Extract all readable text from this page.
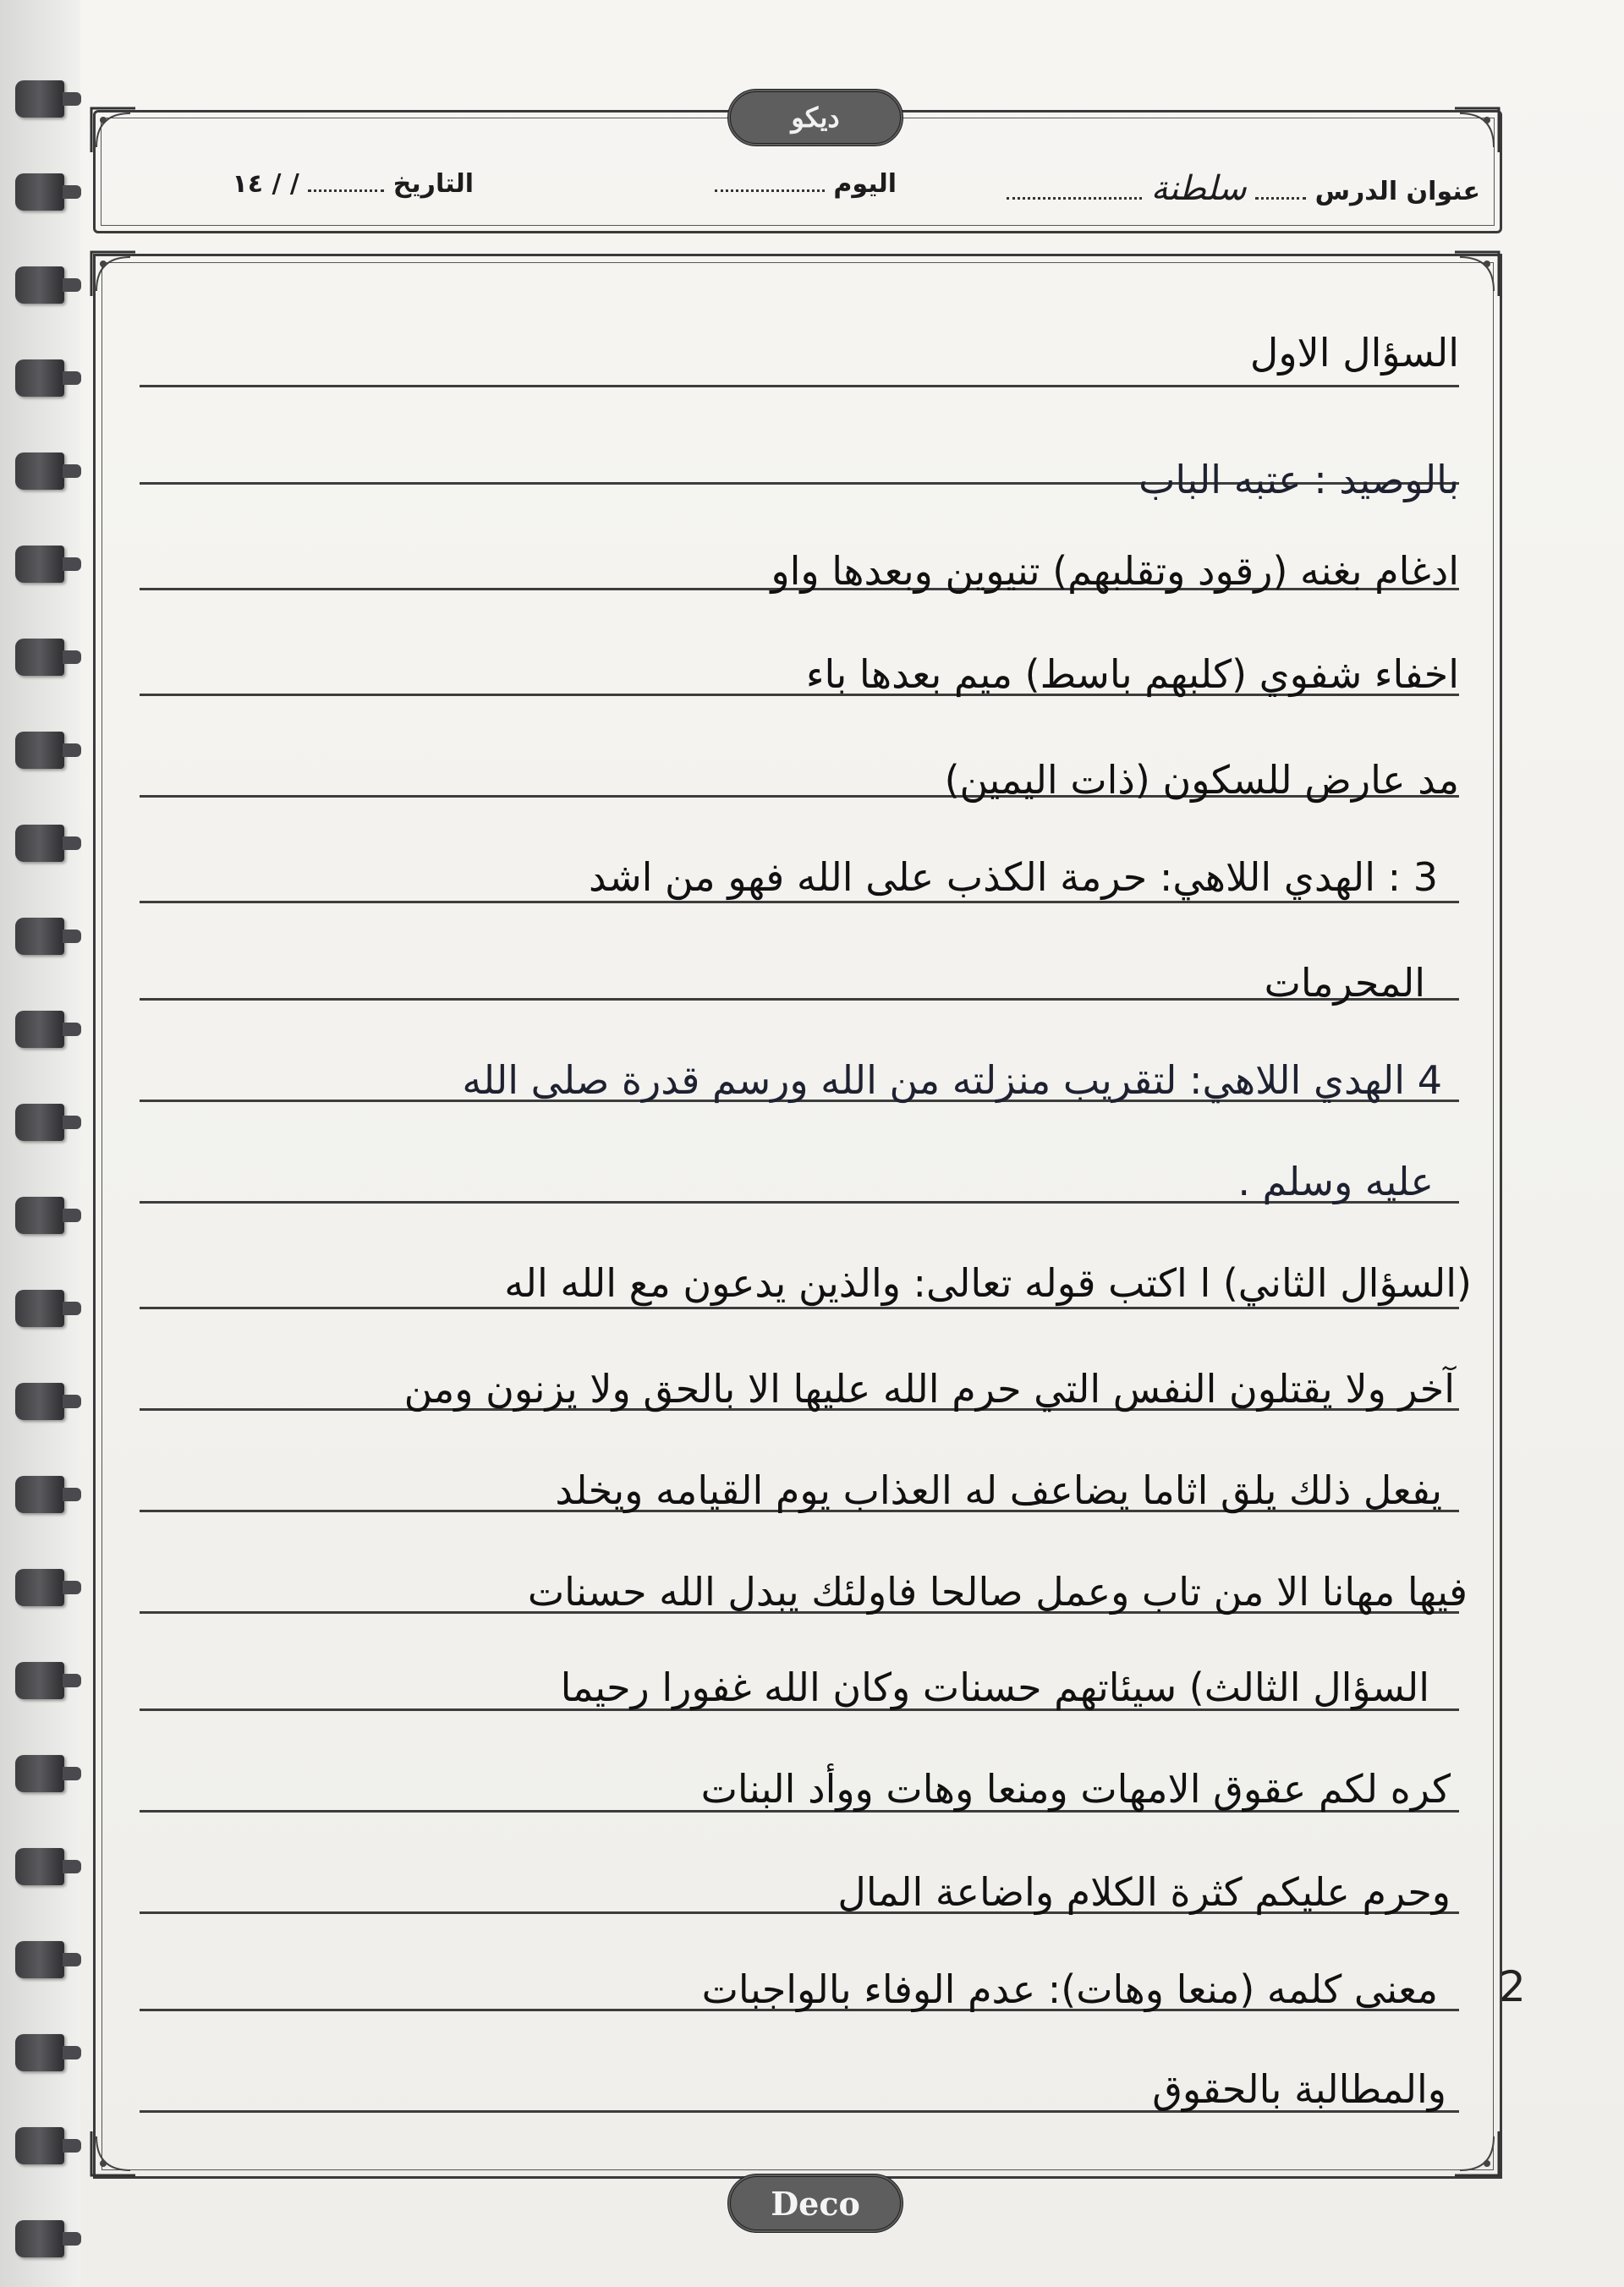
ديكو
عنوان الدرس  سلطنة
اليوم
التاريخ  / / ١٤
السؤال الاول
بالوصيد : عتبه الباب
ادغام بغنه (رقود وتقلبهم) تنيوين وبعدها واو
اخفاء شفوي (كلبهم باسط) ميم بعدها باء
مد عارض للسكون (ذات اليمين)
3 : الهدي اللاهي: حرمة الكذب على الله فهو من اشد
المحرمات
4 الهدي اللاهي: لتقريب منزلته من الله ورسم قدرة صلى الله
عليه وسلم .
(السؤال الثاني) ا اكتب قوله تعالى: والذين يدعون مع الله اله
آخر ولا يقتلون النفس التي حرم الله عليها الا بالحق ولا يزنون ومن
يفعل ذلك يلق اثاما يضاعف له العذاب يوم القيامه ويخلد
فيها مهانا الا من تاب وعمل صالحا فاولئك يبدل الله حسنات
السؤال الثالث) سيئاتهم حسنات وكان الله غفورا رحيما
كره لكم عقوق الامهات ومنعا وهات ووأد البنات
وحرم عليكم كثرة الكلام واضاعة المال
معنى كلمه (منعا وهات): عدم الوفاء بالواجبات
والمطالبة بالحقوق
2
Deco
